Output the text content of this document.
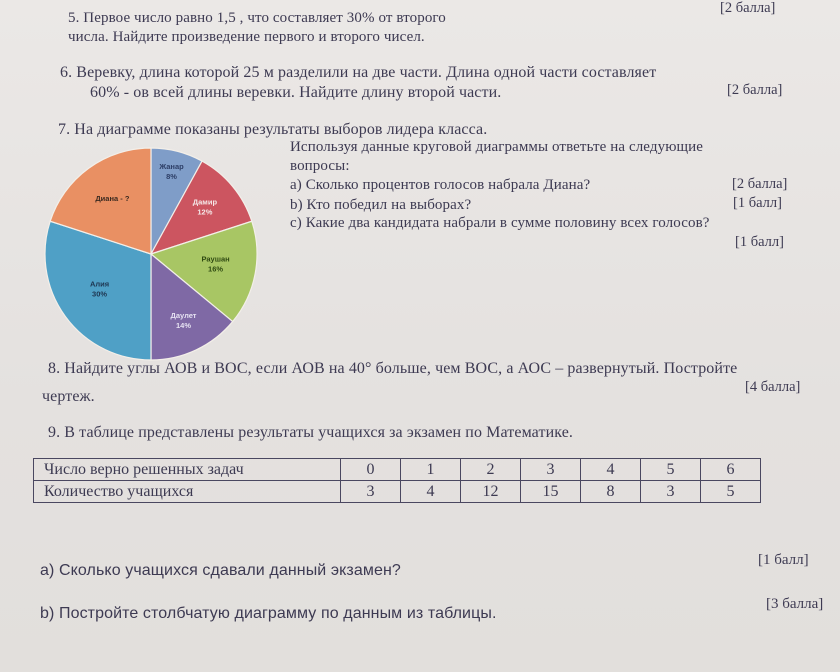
5. Первое число равно 1,5 , что составляет 30% от второго
числа. Найдите произведение первого и второго чисел.
[2 балла]
6. Веревку, длина которой 25 м разделили на две части. Длина одной части составляет
60% - ов всей длины веревки. Найдите длину второй части.	[2 балла]
7. На диаграмме показаны результаты выборов лидера класса.
Используя данные круговой диаграммы ответьте на следующие
вопросы:
а) Сколько процентов голосов набрала Диана?	[2 балла]
b) Кто победил на выборах?	[1 балл]
c) Какие два кандидата набрали в сумме половину всех голосов?
[1 балл]
Жанар 8%
Дамир 12%
Раушан 16%
Даулет 14%
Алия 30%
Диана - ?
8. Найдите углы АОВ и ВОС, если АОВ на 40° больше, чем ВОС, а АОС – развернутый. Постройте
чертеж.
[4 балла]
9. В таблице представлены результаты учащихся за экзамен по Математике.
Число верно решенных задач	0	1	2	3	4	5	6
Количество учащихся	3	4	12	15	8	3	5
а) Сколько учащихся сдавали данный экзамен?
[1 балл]
b) Постройте столбчатую диаграмму по данным из таблицы.
[3 балла]
